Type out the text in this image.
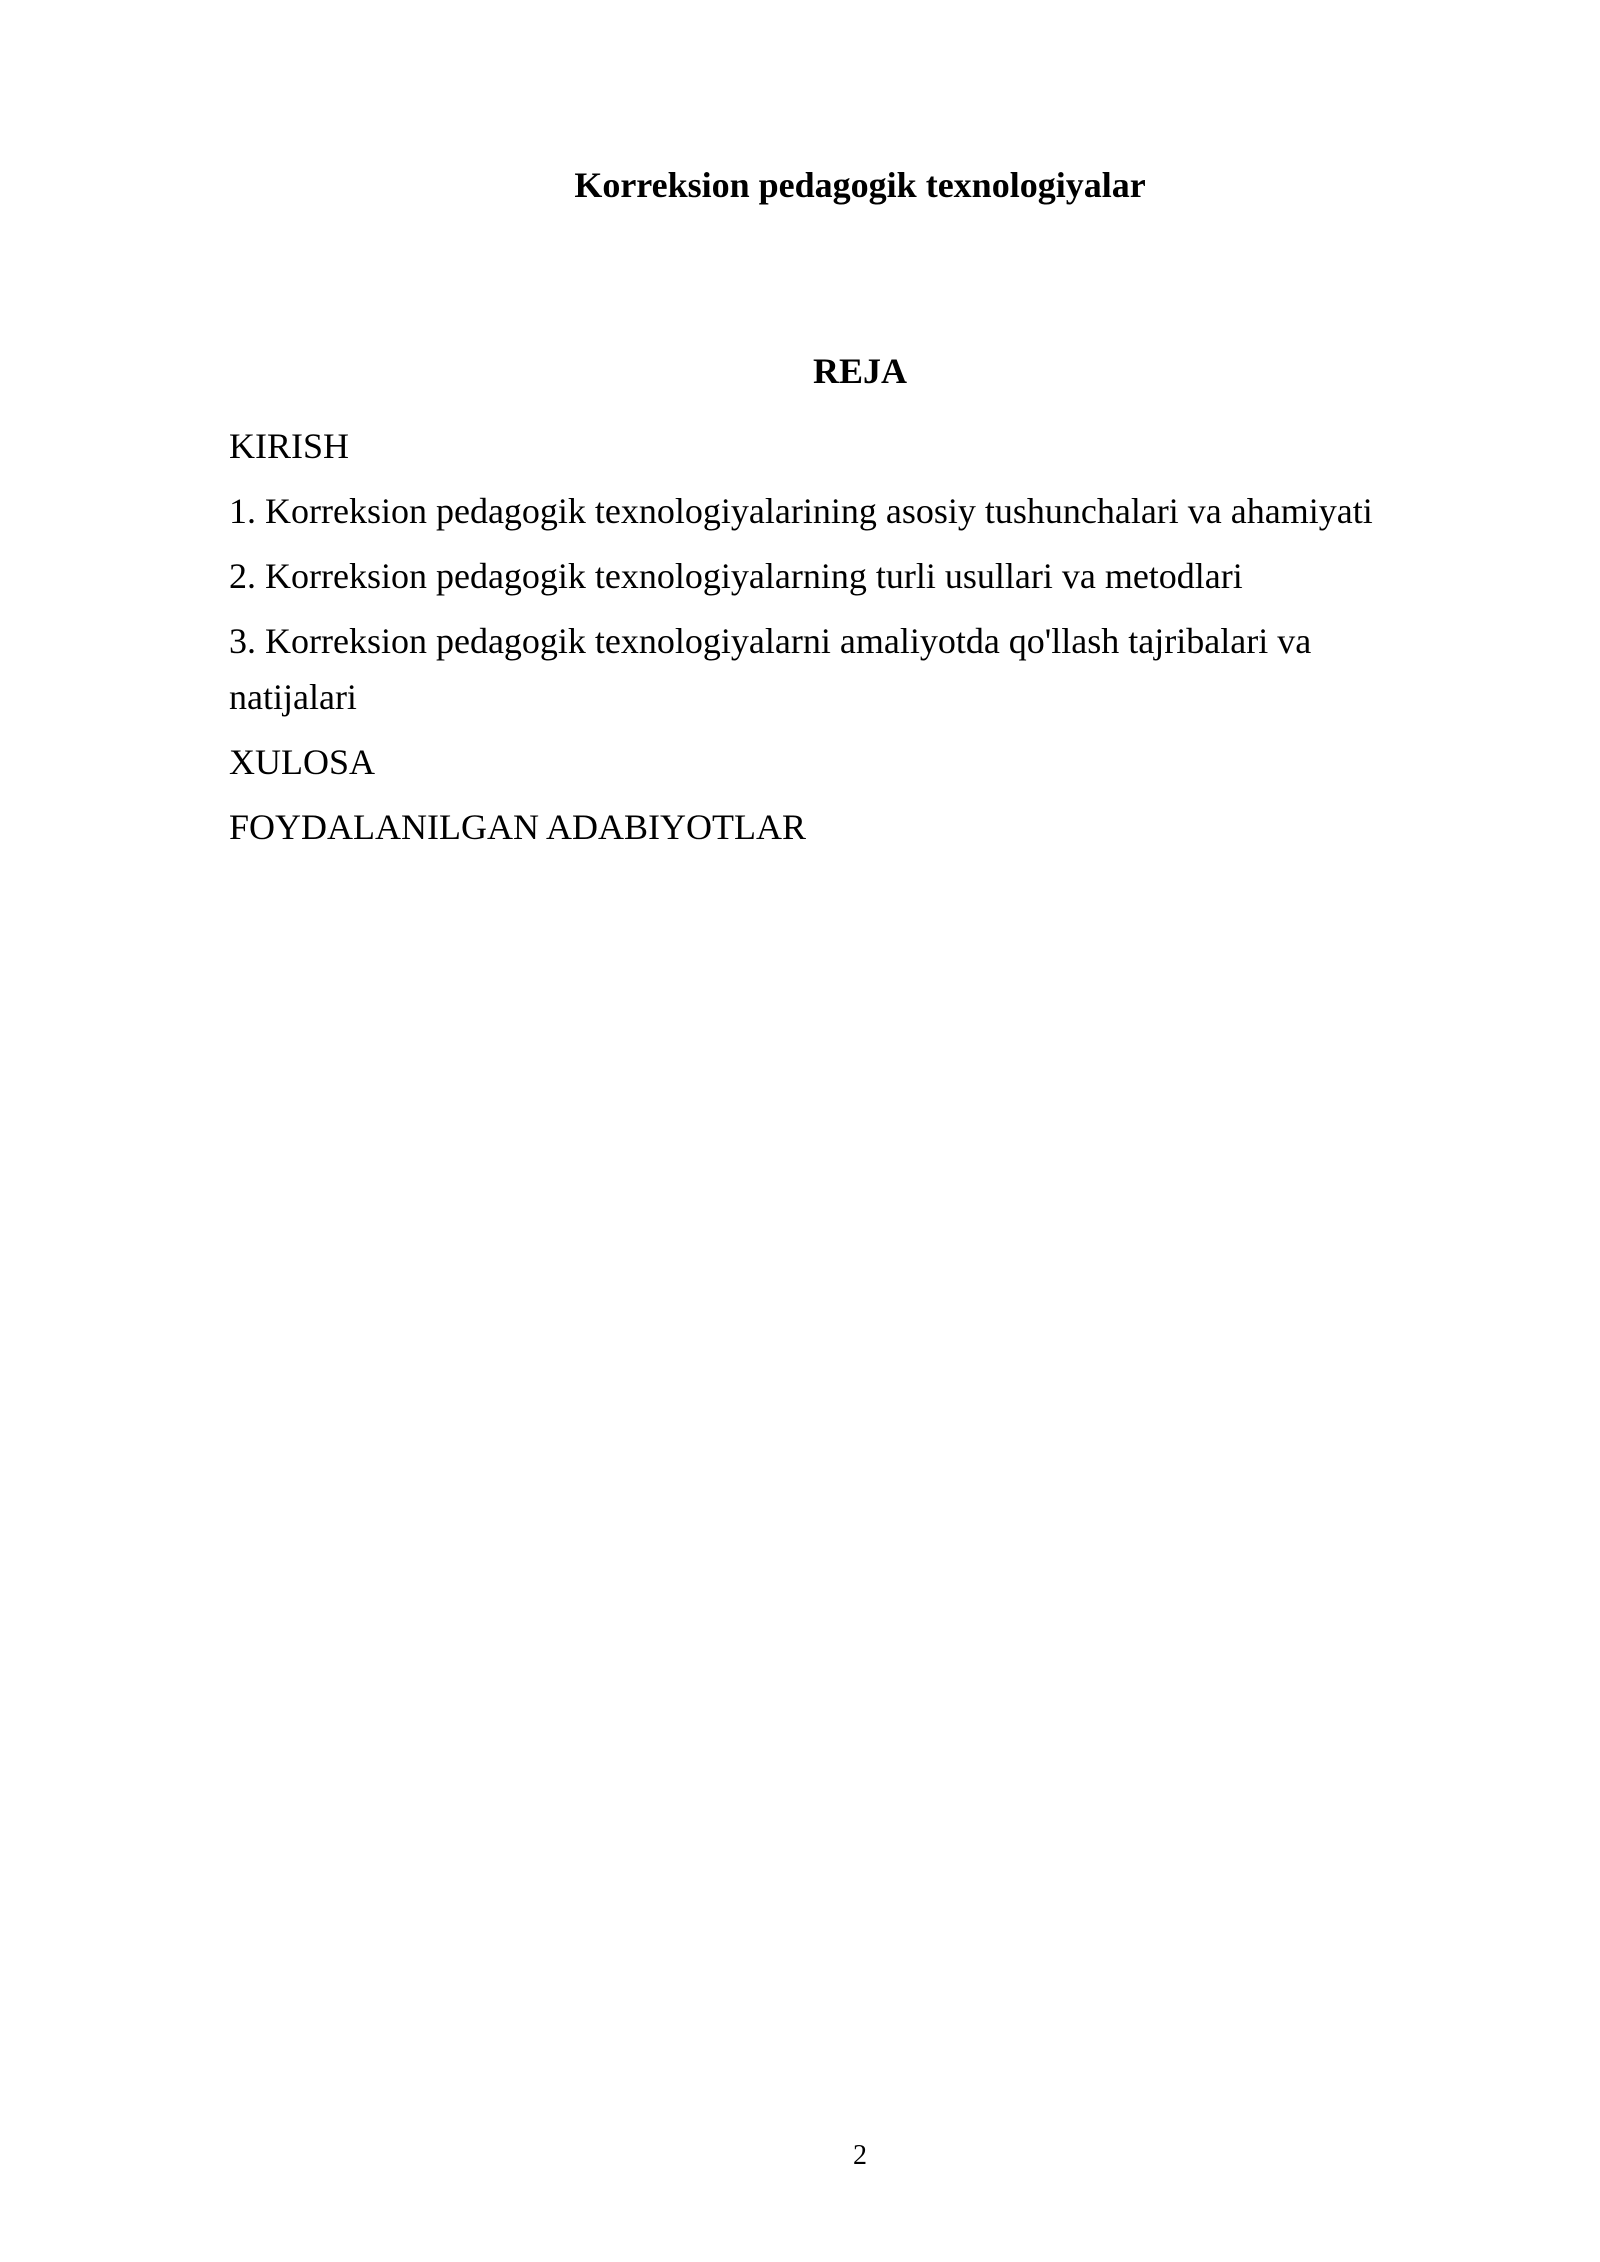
Korreksion pedagogik texnologiyalar
REJA
KIRISH
1. Korreksion pedagogik texnologiyalarining asosiy tushunchalari va ahamiyati
2. Korreksion pedagogik texnologiyalarning turli usullari va metodlari
3. Korreksion pedagogik texnologiyalarni amaliyotda qo'llash tajribalari va natijalari
XULOSA
FOYDALANILGAN ADABIYOTLAR
2
